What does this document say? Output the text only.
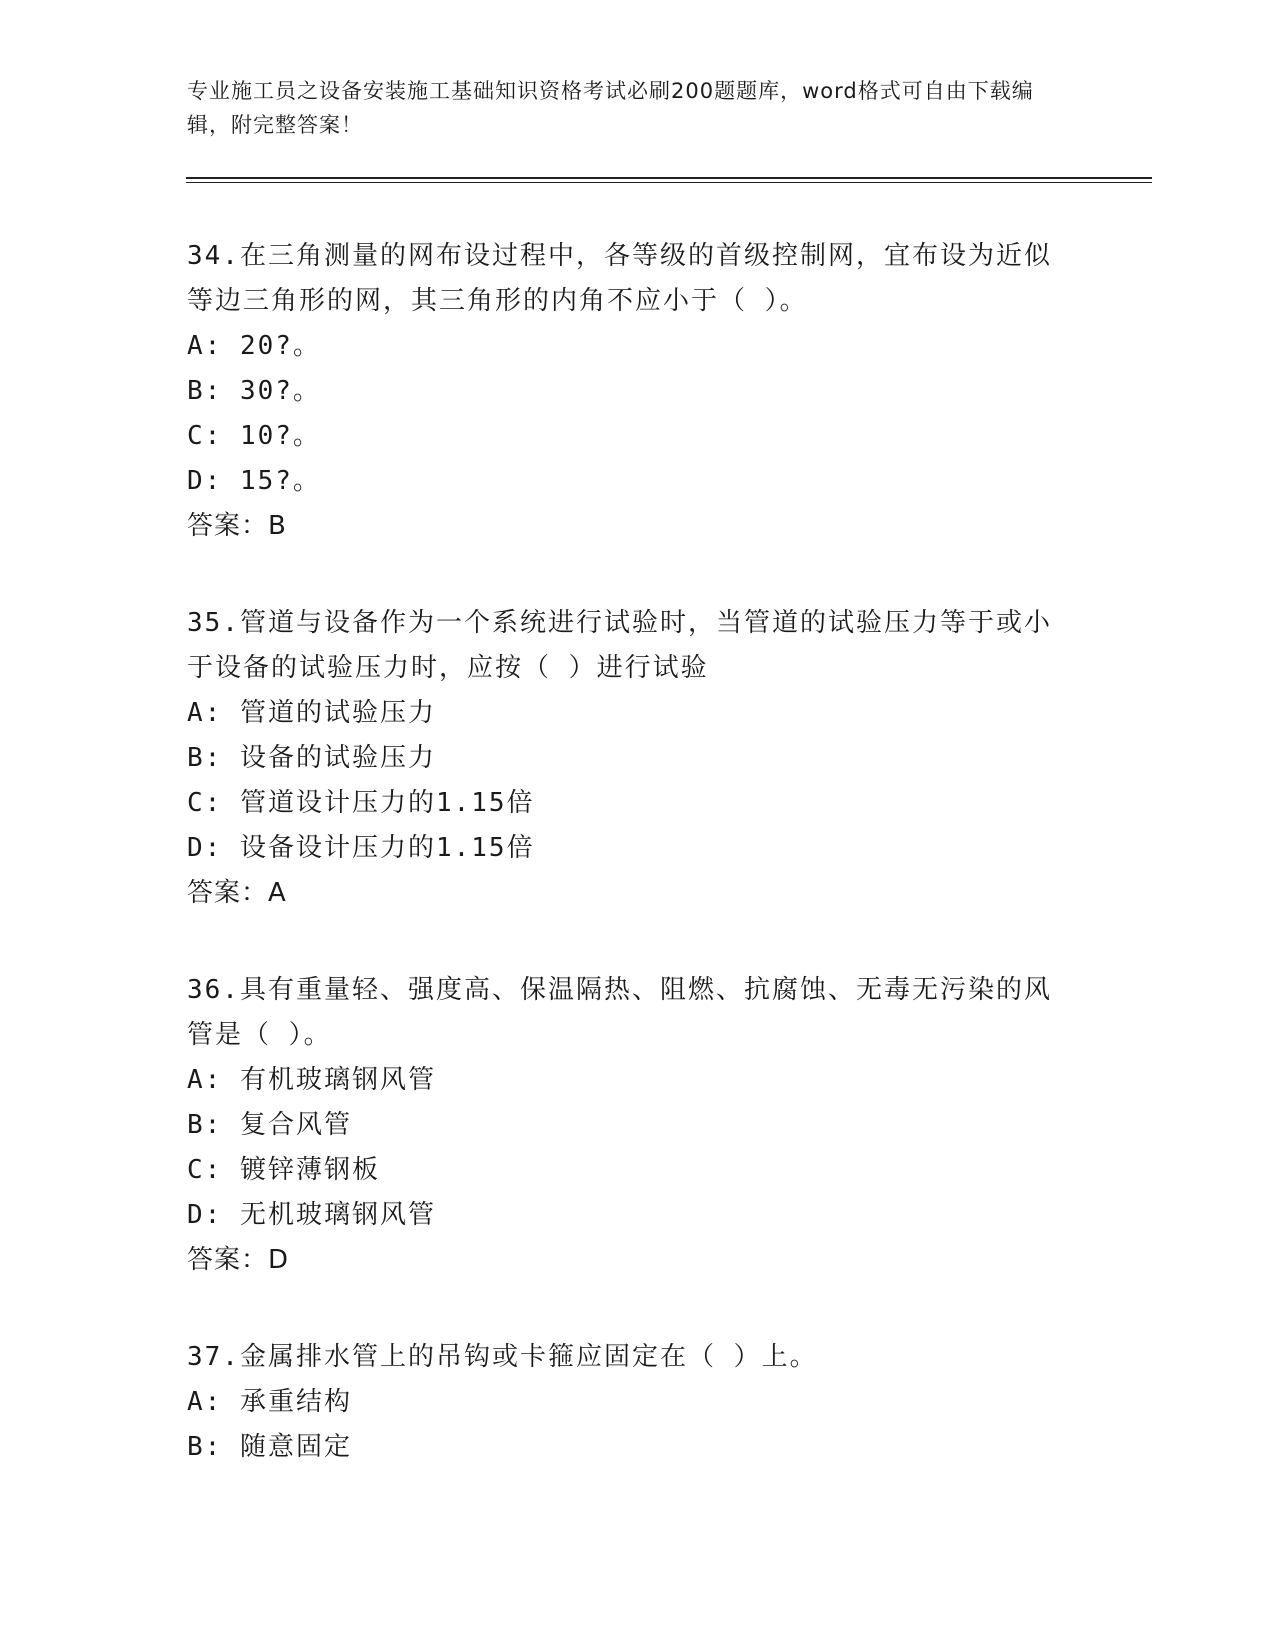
专业施工员之设备安装施工基础知识资格考试必刷200题题库，word格式可自由下载编辑，附完整答案！

34.在三角测量的网布设过程中，各等级的首级控制网，宜布设为近似等边三角形的网，其三角形的内角不应小于（ ）。

A: 20?。

B: 30?。

C: 10?。

D: 15?。

答案：B

35.管道与设备作为一个系统进行试验时，当管道的试验压力等于或小于设备的试验压力时，应按（ ）进行试验

A: 管道的试验压力

B: 设备的试验压力

C: 管道设计压力的1.15倍

D: 设备设计压力的1.15倍

答案：A

36.具有重量轻、强度高、保温隔热、阻燃、抗腐蚀、无毒无污染的风管是（ ）。

A: 有机玻璃钢风管

B: 复合风管

C: 镀锌薄钢板

D: 无机玻璃钢风管

答案：D

37.金属排水管上的吊钩或卡箍应固定在（ ）上。

A: 承重结构

B: 随意固定
